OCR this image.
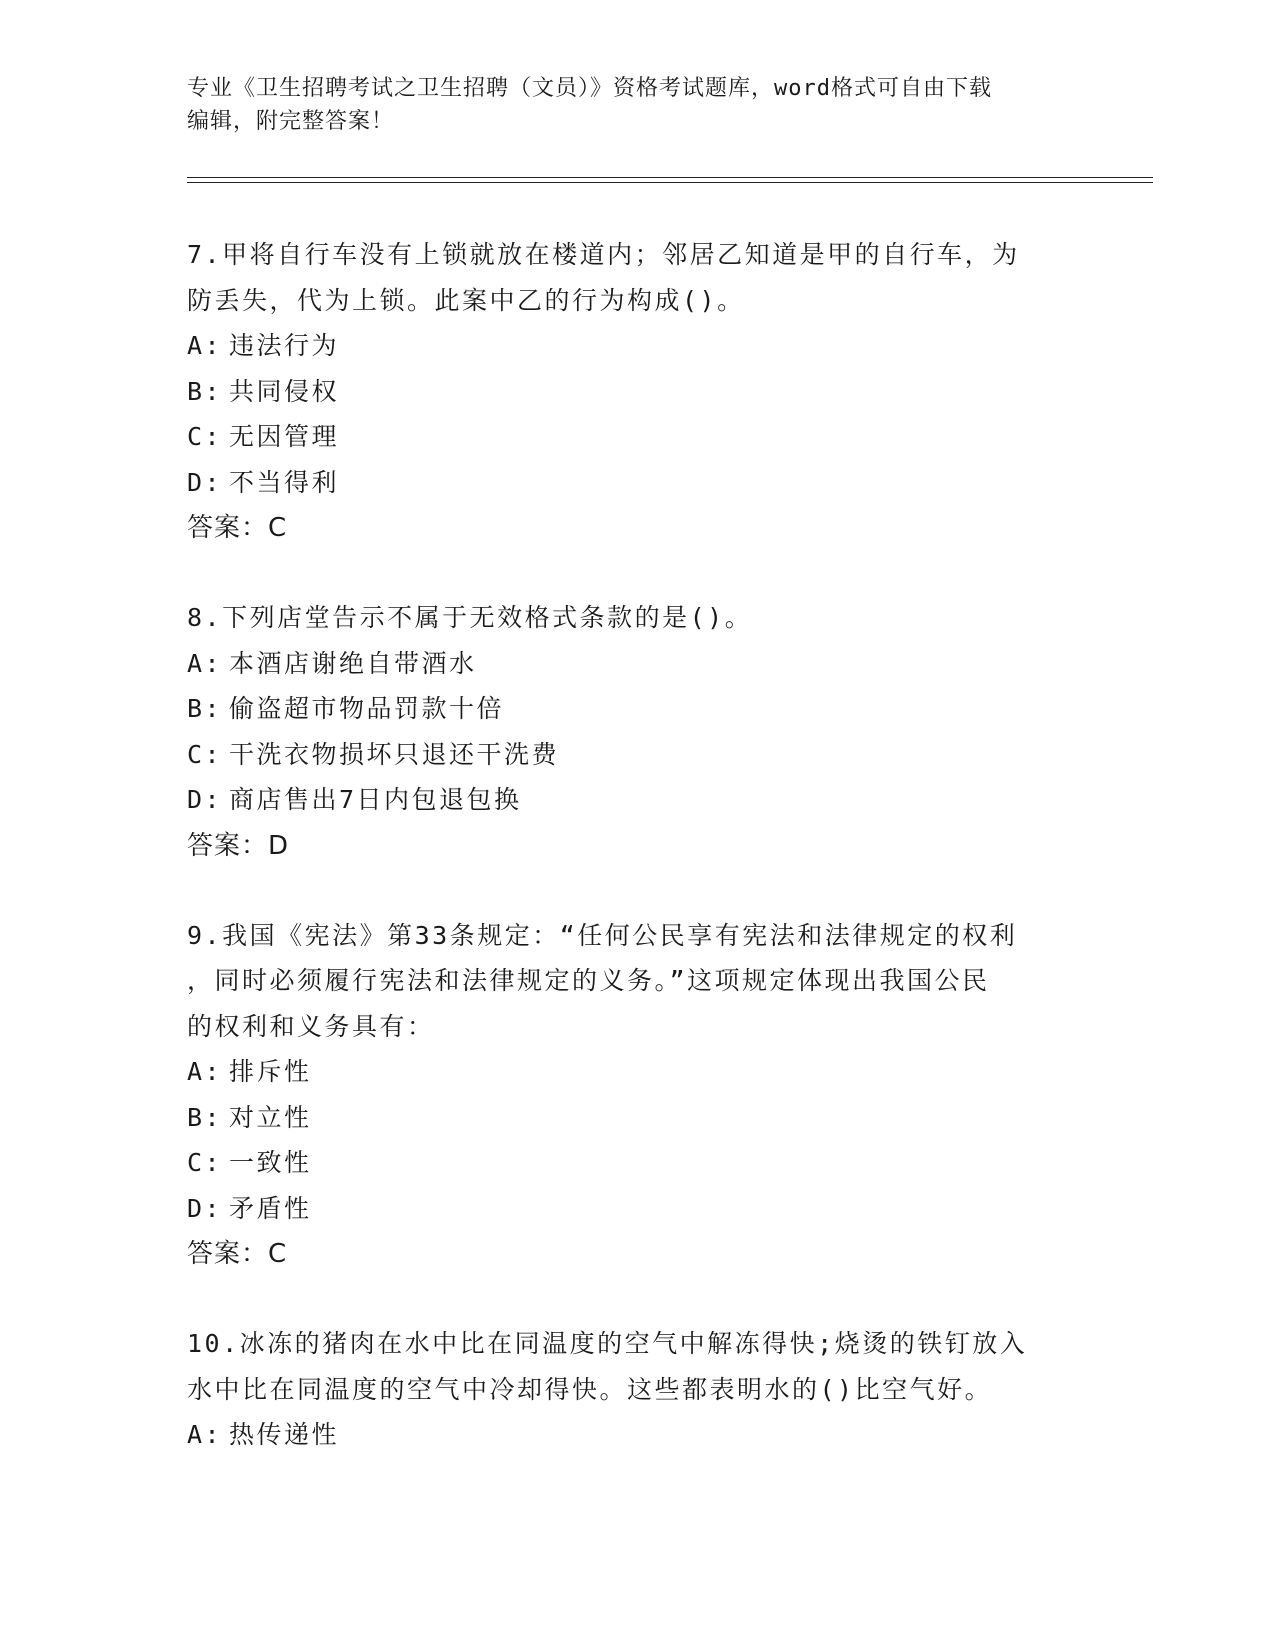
专业《卫生招聘考试之卫生招聘（文员）》资格考试题库，word格式可自由下载
编辑，附完整答案！

7.甲将自行车没有上锁就放在楼道内；邻居乙知道是甲的自行车，为
防丢失，代为上锁。此案中乙的行为构成()。

A: 违法行为
B: 共同侵权
C: 无因管理
D: 不当得利
答案：C

8.下列店堂告示不属于无效格式条款的是()。

A: 本酒店谢绝自带酒水
B: 偷盗超市物品罚款十倍
C: 干洗衣物损坏只退还干洗费
D: 商店售出7日内包退包换
答案：D

9.我国《宪法》第33条规定：“任何公民享有宪法和法律规定的权利
，同时必须履行宪法和法律规定的义务。”这项规定体现出我国公民
的权利和义务具有：

A: 排斥性
B: 对立性
C: 一致性
D: 矛盾性
答案：C

10.冰冻的猪肉在水中比在同温度的空气中解冻得快;烧烫的铁钉放入
水中比在同温度的空气中冷却得快。这些都表明水的()比空气好。

A: 热传递性
